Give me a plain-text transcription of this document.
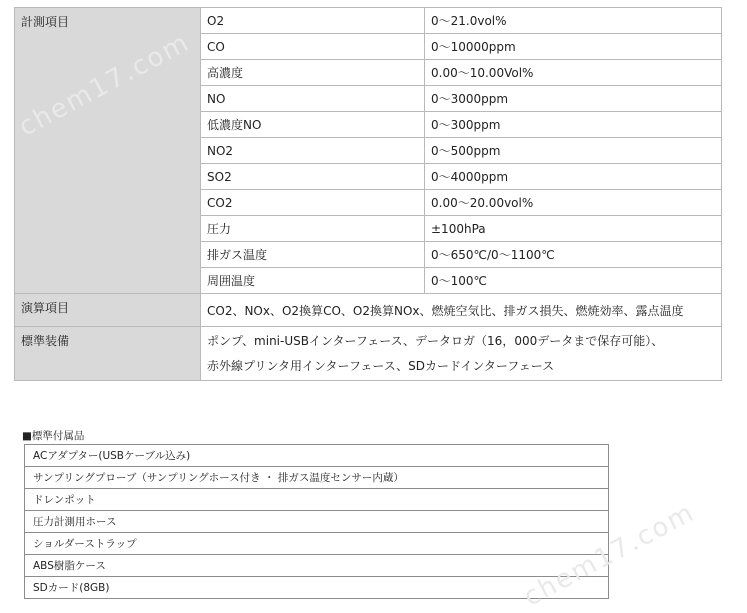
計測項目	O2	0～21.0vol%
	CO	0～10000ppm
	高濃度	0.00～10.00Vol%
	NO	0～3000ppm
	低濃度NO	0～300ppm
	NO2	0～500ppm
	SO2	0～4000ppm
	CO2	0.00～20.00vol%
	圧力	±100hPa
	排ガス温度	0～650℃/0～1100℃
	周囲温度	0～100℃
演算項目	CO2、NOx、O2換算CO、O2換算NOx、燃焼空気比、排ガス損失、燃焼効率、露点温度	
標準装備	ポンプ、mini-USBインターフェース、データロガ（16，000データまで保存可能）、
赤外線プリンタ用インターフェース、SDカードインターフェース	
■標準付属品
ACアダプター(USBケーブル込み)
サンプリングプローブ（サンプリングホース付き ・ 排ガス温度センサー内蔵）
ドレンポット
圧力計測用ホース
ショルダーストラップ
ABS樹脂ケース
SDカード(8GB)
chem17.com
chem17.com
